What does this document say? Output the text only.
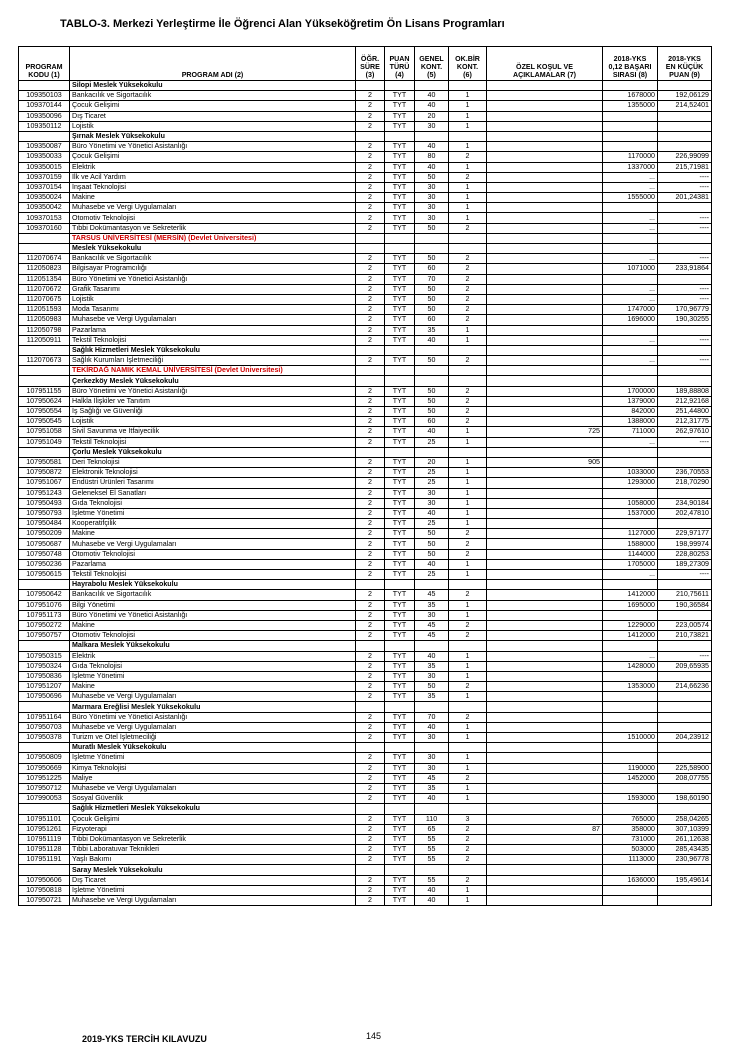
TABLO-3. Merkezi Yerleştirme İle Öğrenci Alan Yükseköğretim Ön Lisans Programları
PROGRAM
KODU (1)	PROGRAM ADI (2)	ÖĞR.
SÜRE
(3)	PUAN
TÜRÜ
(4)	GENEL
KONT.
(5)	OK.BİR
KONT.
(6)	ÖZEL KOŞUL VE
AÇIKLAMALAR (7)	2018-YKS
0,12 BAŞARI
SIRASI (8)	2018-YKS
EN KÜÇÜK
PUAN (9)
	Silopi Meslek Yüksekokulu							
109350103	Bankacılık ve Sigortacılık	2	TYT	40	1		1678000	192,06129
109370144	Çocuk Gelişimi	2	TYT	40	1		1355000	214,52401
109350096	Dış Ticaret	2	TYT	20	1			
109350112	Lojistik	2	TYT	30	1			
	Şırnak Meslek Yüksekokulu							
109350087	Büro Yönetimi ve Yönetici Asistanlığı	2	TYT	40	1			
109350033	Çocuk Gelişimi	2	TYT	80	2		1170000	226,99099
109350015	Elektrik	2	TYT	40	1		1337000	215,71981
109370159	İlk ve Acil Yardım	2	TYT	50	2		...	----
109370154	İnşaat Teknolojisi	2	TYT	30	1		...	----
109350024	Makine	2	TYT	30	1		1555000	201,24381
109350042	Muhasebe ve Vergi Uygulamaları	2	TYT	30	1			
109370153	Otomotiv Teknolojisi	2	TYT	30	1		...	----
109370160	Tıbbi Dokümantasyon ve Sekreterlik	2	TYT	50	2		...	----
	TARSUS ÜNİVERSİTESİ (MERSİN) (Devlet Üniversitesi)							
	Meslek Yüksekokulu							
112070674	Bankacılık ve Sigortacılık	2	TYT	50	2		...	----
112050823	Bilgisayar Programcılığı	2	TYT	60	2		1071000	233,91864
112051354	Büro Yönetimi ve Yönetici Asistanlığı	2	TYT	70	2			
112070672	Grafik Tasarımı	2	TYT	50	2		...	----
112070675	Lojistik	2	TYT	50	2		...	----
112051593	Moda Tasarımı	2	TYT	50	2		1747000	170,96779
112050983	Muhasebe ve Vergi Uygulamaları	2	TYT	60	2		1696000	190,30255
112050798	Pazarlama	2	TYT	35	1			
112050911	Tekstil Teknolojisi	2	TYT	40	1		...	----
	Sağlık Hizmetleri Meslek Yüksekokulu							
112070673	Sağlık Kurumları İşletmeciliği	2	TYT	50	2		...	----
	TEKİRDAĞ NAMIK KEMAL ÜNİVERSİTESİ (Devlet Üniversitesi)							
	Çerkezköy Meslek Yüksekokulu							
107951155	Büro Yönetimi ve Yönetici Asistanlığı	2	TYT	50	2		1700000	189,88808
107950624	Halkla İlişkiler ve Tanıtım	2	TYT	50	2		1379000	212,92168
107950554	İş Sağlığı ve Güvenliği	2	TYT	50	2		842000	251,44800
107950545	Lojistik	2	TYT	60	2		1388000	212,31775
107951058	Sivil Savunma ve İtfaiyecilik	2	TYT	40	1	725	711000	262,97610
107951049	Tekstil Teknolojisi	2	TYT	25	1		...	----
	Çorlu Meslek Yüksekokulu							
107950581	Deri Teknolojisi	2	TYT	20	1	905		
107950872	Elektronik Teknolojisi	2	TYT	25	1		1033000	236,70553
107951067	Endüstri Ürünleri Tasarımı	2	TYT	25	1		1293000	218,70290
107951243	Geleneksel El Sanatları	2	TYT	30	1			
107950493	Gıda Teknolojisi	2	TYT	30	1		1058000	234,90184
107950793	İşletme Yönetimi	2	TYT	40	1		1537000	202,47810
107950484	Kooperatifçilik	2	TYT	25	1			
107950209	Makine	2	TYT	50	2		1127000	229,97177
107950687	Muhasebe ve Vergi Uygulamaları	2	TYT	50	2		1588000	198,99974
107950748	Otomotiv Teknolojisi	2	TYT	50	2		1144000	228,80253
107950236	Pazarlama	2	TYT	40	1		1705000	189,27309
107950615	Tekstil Teknolojisi	2	TYT	25	1		...	----
	Hayrabolu Meslek Yüksekokulu							
107950642	Bankacılık ve Sigortacılık	2	TYT	45	2		1412000	210,75611
107951076	Bilgi Yönetimi	2	TYT	35	1		1695000	190,36584
107951173	Büro Yönetimi ve Yönetici Asistanlığı	2	TYT	30	1			
107950272	Makine	2	TYT	45	2		1229000	223,00574
107950757	Otomotiv Teknolojisi	2	TYT	45	2		1412000	210,73821
	Malkara Meslek Yüksekokulu							
107950315	Elektrik	2	TYT	40	1		...	----
107950324	Gıda Teknolojisi	2	TYT	35	1		1428000	209,65935
107950836	İşletme Yönetimi	2	TYT	30	1			
107951207	Makine	2	TYT	50	2		1353000	214,66236
107950696	Muhasebe ve Vergi Uygulamaları	2	TYT	35	1			
	Marmara Ereğlisi Meslek Yüksekokulu							
107951164	Büro Yönetimi ve Yönetici Asistanlığı	2	TYT	70	2			
107950703	Muhasebe ve Vergi Uygulamaları	2	TYT	40	1			
107950378	Turizm ve Otel İşletmeciliği	2	TYT	30	1		1510000	204,23912
	Muratlı Meslek Yüksekokulu							
107950809	İşletme Yönetimi	2	TYT	30	1			
107950669	Kimya Teknolojisi	2	TYT	30	1		1190000	225,58900
107951225	Maliye	2	TYT	45	2		1452000	208,07755
107950712	Muhasebe ve Vergi Uygulamaları	2	TYT	35	1			
107990053	Sosyal Güvenlik	2	TYT	40	1		1593000	198,60190
	Sağlık Hizmetleri Meslek Yüksekokulu							
107951101	Çocuk Gelişimi	2	TYT	110	3		765000	258,04265
107951261	Fizyoterapi	2	TYT	65	2	87	358000	307,10399
107951119	Tıbbi Dokümantasyon ve Sekreterlik	2	TYT	55	2		731000	261,12638
107951128	Tıbbi Laboratuvar Teknikleri	2	TYT	55	2		503000	285,43435
107951191	Yaşlı Bakımı	2	TYT	55	2		1113000	230,96778
	Saray Meslek Yüksekokulu							
107950606	Dış Ticaret	2	TYT	55	2		1636000	195,49614
107950818	İşletme Yönetimi	2	TYT	40	1			
107950721	Muhasebe ve Vergi Uygulamaları	2	TYT	40	1			
2019-YKS TERCİH KILAVUZU	145
